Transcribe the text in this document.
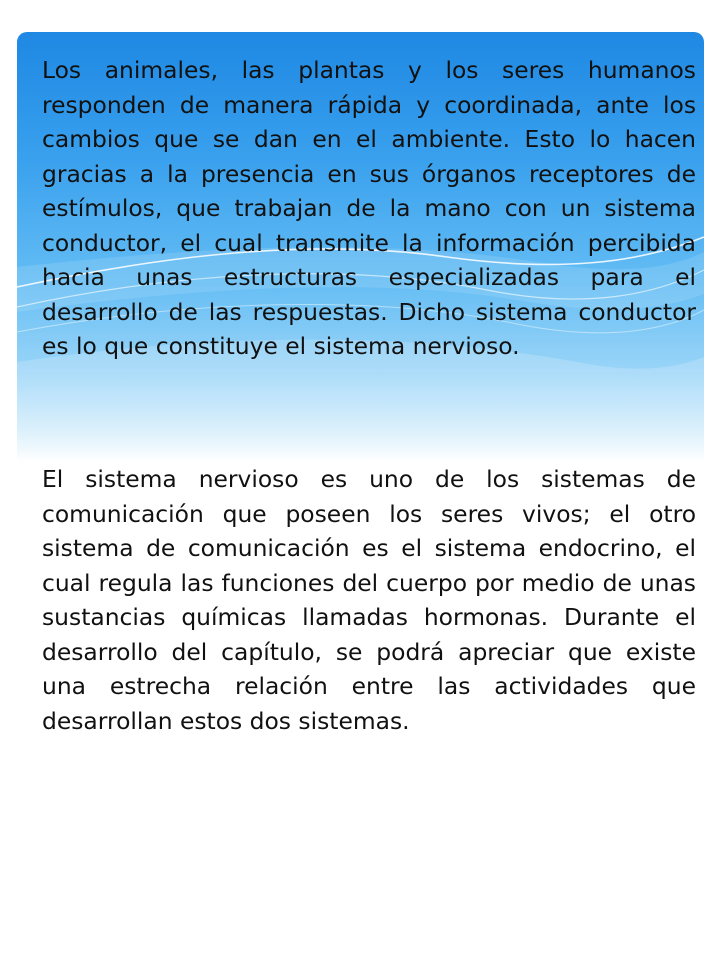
Los animales, las plantas y los seres humanos responden de manera rápida y coordinada, ante los cambios que se dan en el ambiente. Esto lo hacen gracias a la presencia en sus órganos receptores de estímulos, que trabajan de la mano con un sistema conductor, el cual transmite la información percibida hacia unas estructuras especializadas para el desarrollo de las respuestas. Dicho sistema conductor es lo que constituye el sistema nervioso.

El sistema nervioso es uno de los sistemas de comunicación que poseen los seres vivos; el otro sistema de comunicación es el sistema endocrino, el cual regula las funciones del cuerpo por medio de unas sustancias químicas llamadas hormonas. Durante el desarrollo del capítulo, se podrá apreciar que existe una estrecha relación entre las actividades que desarrollan estos dos sistemas.
